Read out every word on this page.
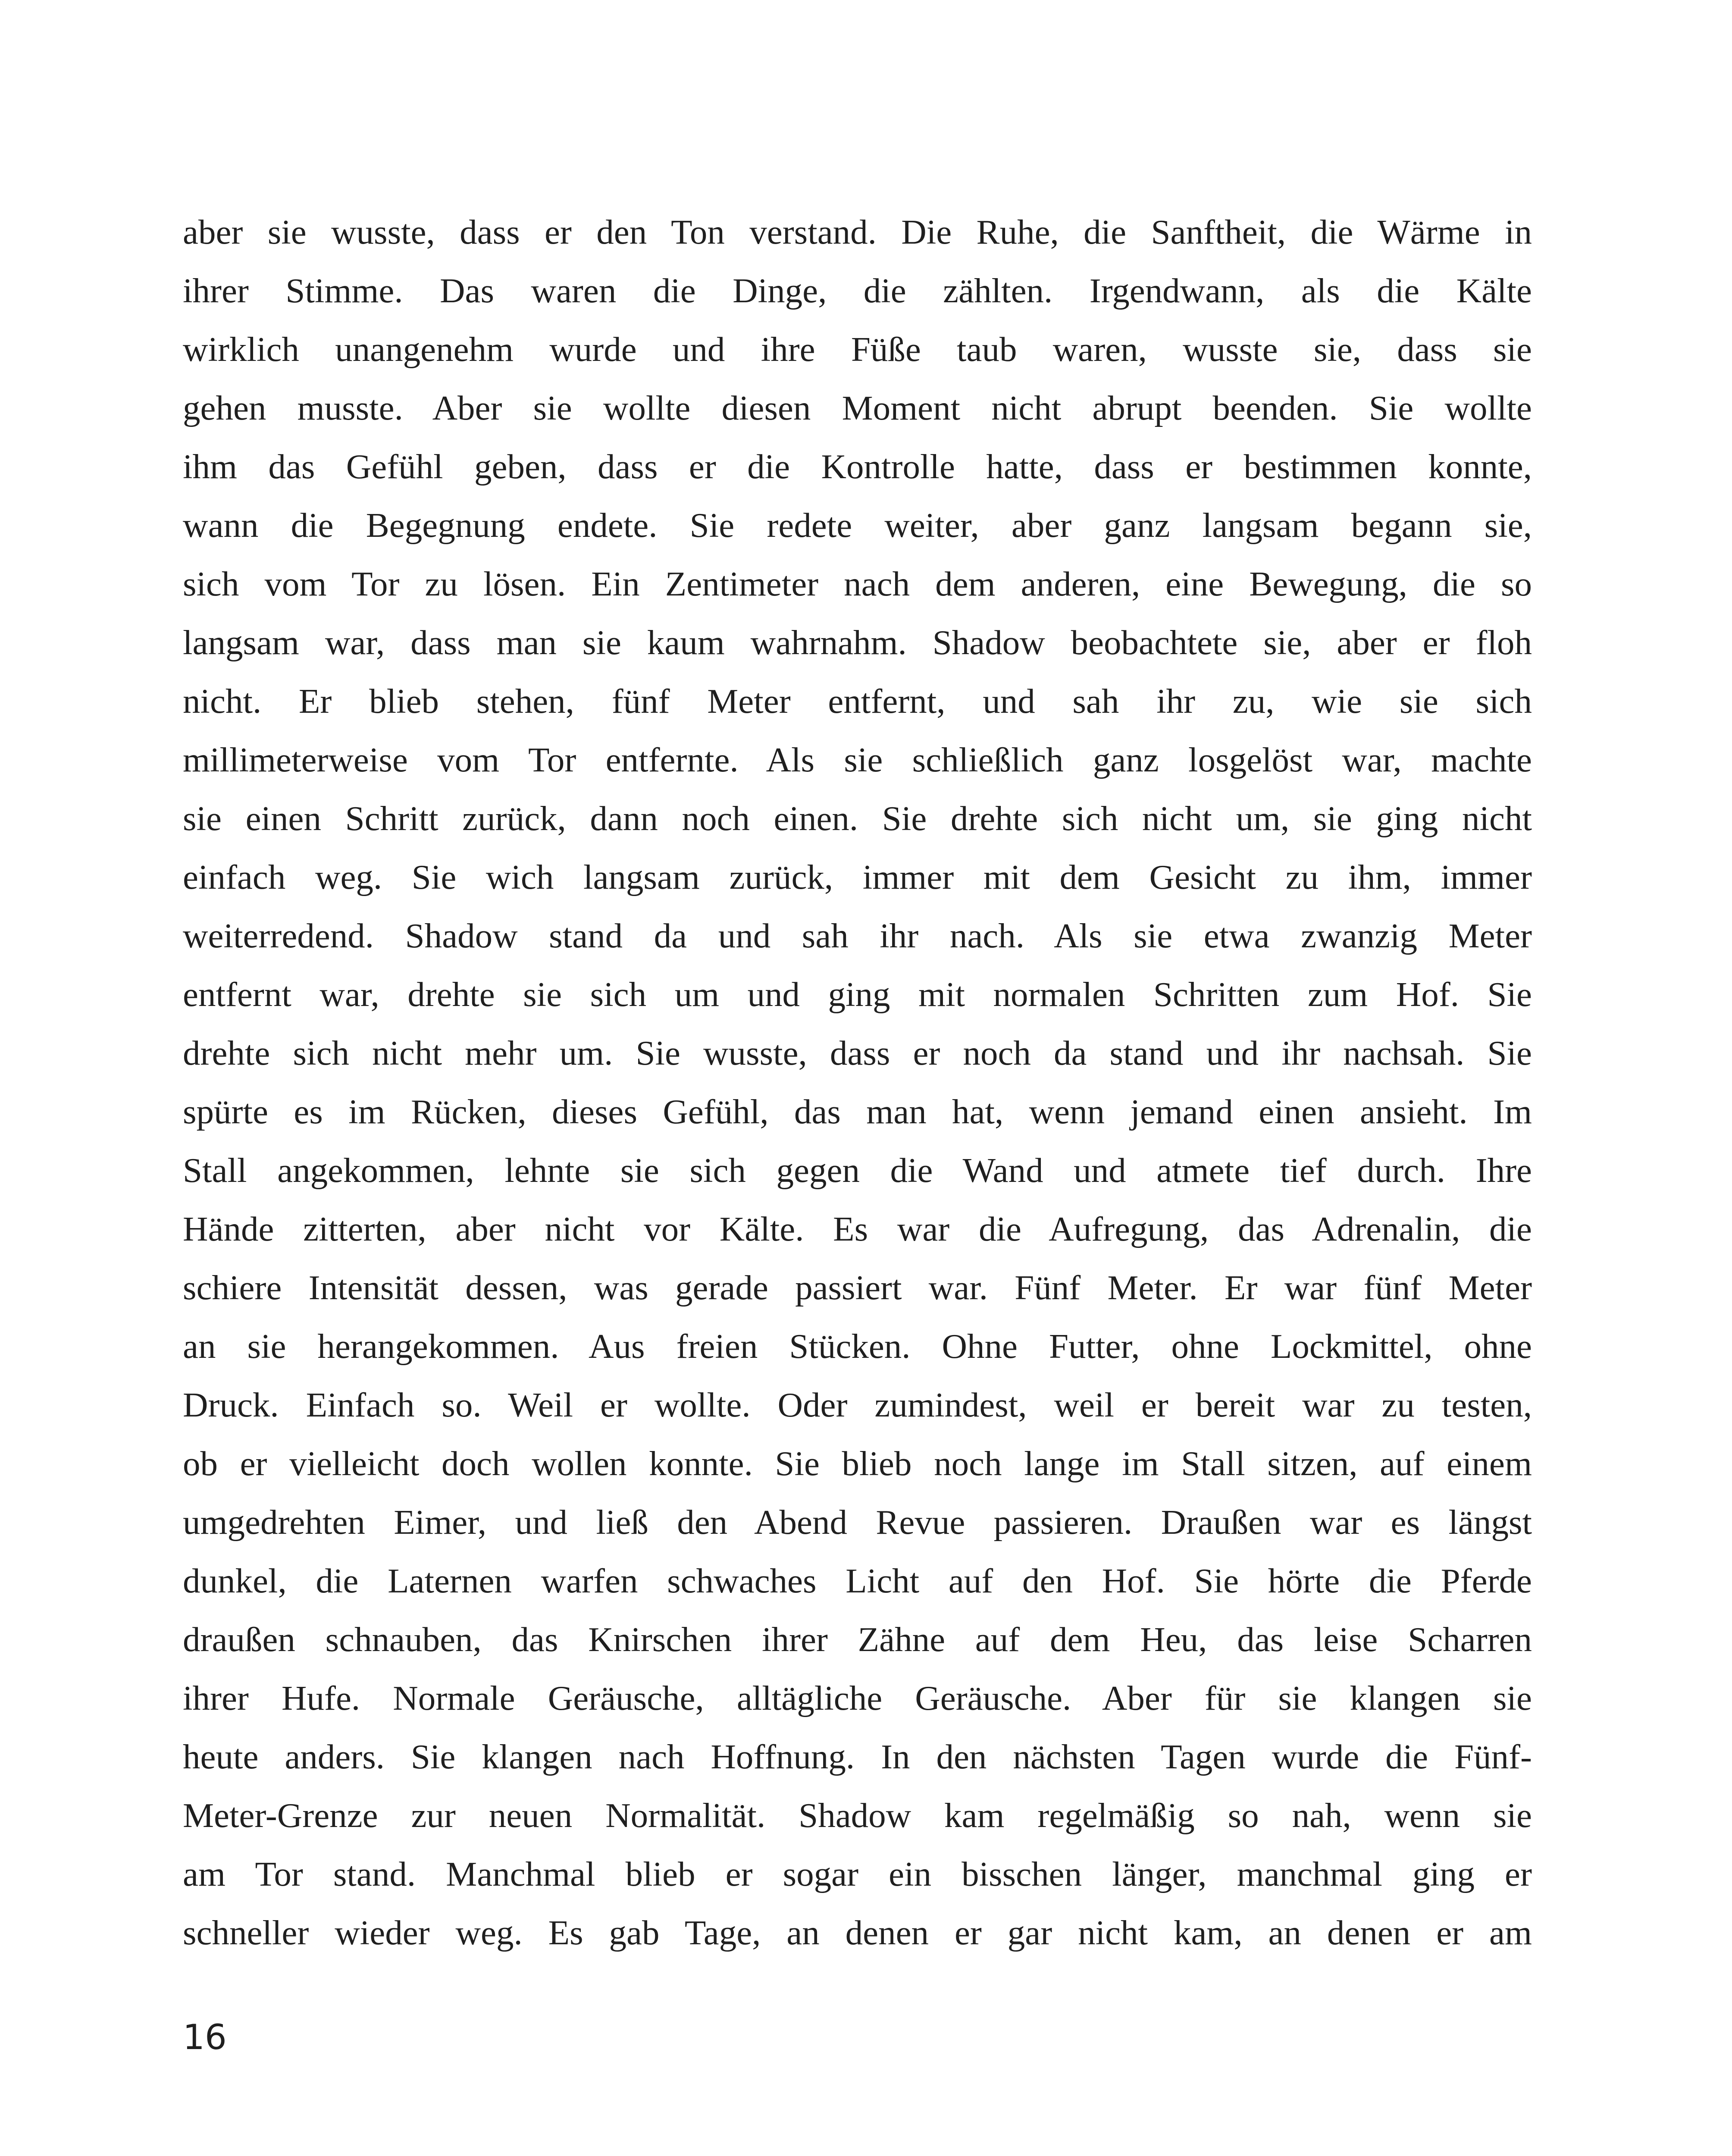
aber sie wusste, dass er den Ton verstand. Die Ruhe, die Sanftheit, die Wärme in
ihrer Stimme. Das waren die Dinge, die zählten. Irgendwann, als die Kälte
wirklich unangenehm wurde und ihre Füße taub waren, wusste sie, dass sie
gehen musste. Aber sie wollte diesen Moment nicht abrupt beenden. Sie wollte
ihm das Gefühl geben, dass er die Kontrolle hatte, dass er bestimmen konnte,
wann die Begegnung endete. Sie redete weiter, aber ganz langsam begann sie,
sich vom Tor zu lösen. Ein Zentimeter nach dem anderen, eine Bewegung, die so
langsam war, dass man sie kaum wahrnahm. Shadow beobachtete sie, aber er floh
nicht. Er blieb stehen, fünf Meter entfernt, und sah ihr zu, wie sie sich
millimeterweise vom Tor entfernte. Als sie schließlich ganz losgelöst war, machte
sie einen Schritt zurück, dann noch einen. Sie drehte sich nicht um, sie ging nicht
einfach weg. Sie wich langsam zurück, immer mit dem Gesicht zu ihm, immer
weiterredend. Shadow stand da und sah ihr nach. Als sie etwa zwanzig Meter
entfernt war, drehte sie sich um und ging mit normalen Schritten zum Hof. Sie
drehte sich nicht mehr um. Sie wusste, dass er noch da stand und ihr nachsah. Sie
spürte es im Rücken, dieses Gefühl, das man hat, wenn jemand einen ansieht. Im
Stall angekommen, lehnte sie sich gegen die Wand und atmete tief durch. Ihre
Hände zitterten, aber nicht vor Kälte. Es war die Aufregung, das Adrenalin, die
schiere Intensität dessen, was gerade passiert war. Fünf Meter. Er war fünf Meter
an sie herangekommen. Aus freien Stücken. Ohne Futter, ohne Lockmittel, ohne
Druck. Einfach so. Weil er wollte. Oder zumindest, weil er bereit war zu testen,
ob er vielleicht doch wollen konnte. Sie blieb noch lange im Stall sitzen, auf einem
umgedrehten Eimer, und ließ den Abend Revue passieren. Draußen war es längst
dunkel, die Laternen warfen schwaches Licht auf den Hof. Sie hörte die Pferde
draußen schnauben, das Knirschen ihrer Zähne auf dem Heu, das leise Scharren
ihrer Hufe. Normale Geräusche, alltägliche Geräusche. Aber für sie klangen sie
heute anders. Sie klangen nach Hoffnung. In den nächsten Tagen wurde die Fünf-
Meter-Grenze zur neuen Normalität. Shadow kam regelmäßig so nah, wenn sie
am Tor stand. Manchmal blieb er sogar ein bisschen länger, manchmal ging er
schneller wieder weg. Es gab Tage, an denen er gar nicht kam, an denen er am
16
